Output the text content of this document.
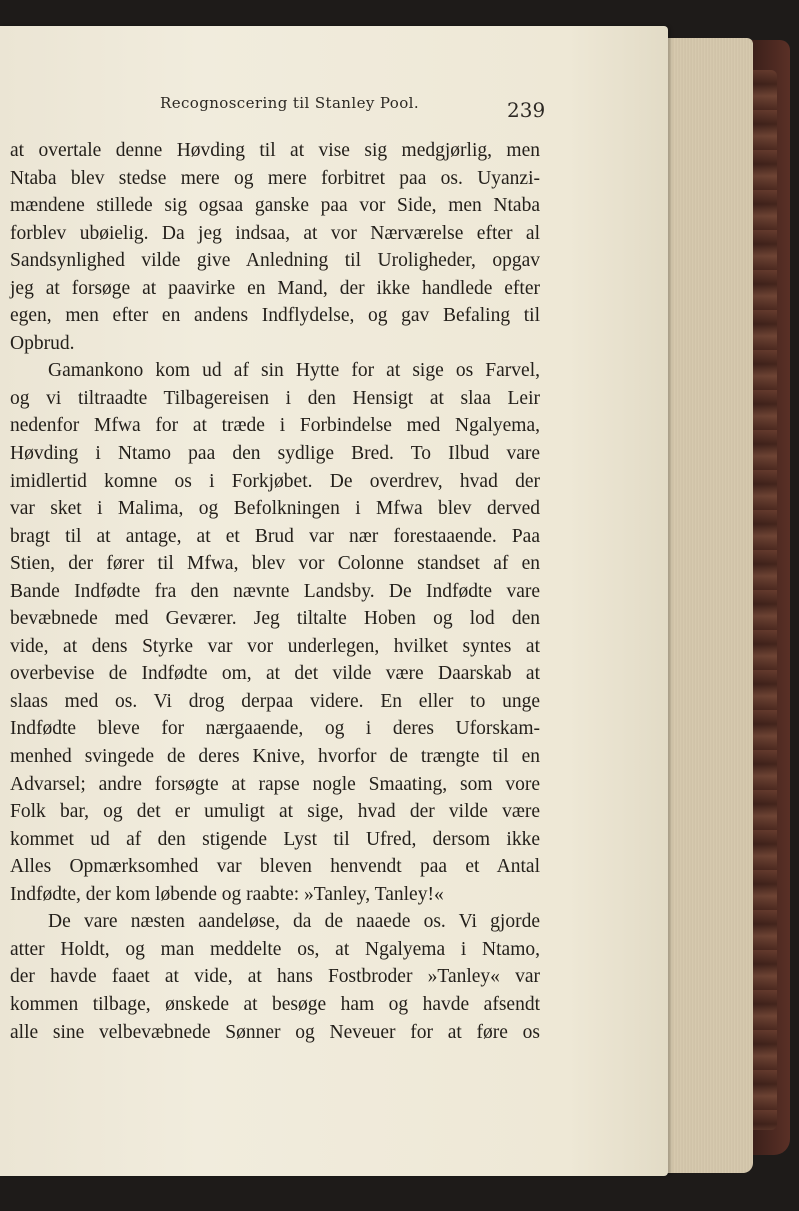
Recognoscering til Stanley Pool.	239
at overtale denne Høvding til at vise sig medgjørlig, men
Ntaba blev stedse mere og mere forbitret paa os. Uyanzi-
mændene stillede sig ogsaa ganske paa vor Side, men Ntaba
forblev ubøielig. Da jeg indsaa, at vor Nærværelse efter al
Sandsynlighed vilde give Anledning til Uroligheder, opgav
jeg at forsøge at paavirke en Mand, der ikke handlede efter
egen, men efter en andens Indflydelse, og gav Befaling til
Opbrud.
Gamankono kom ud af sin Hytte for at sige os Farvel,
og vi tiltraadte Tilbagereisen i den Hensigt at slaa Leir
nedenfor Mfwa for at træde i Forbindelse med Ngalyema,
Høvding i Ntamo paa den sydlige Bred. To Ilbud vare
imidlertid komne os i Forkjøbet. De overdrev, hvad der
var sket i Malima, og Befolkningen i Mfwa blev derved
bragt til at antage, at et Brud var nær forestaaende. Paa
Stien, der fører til Mfwa, blev vor Colonne standset af en
Bande Indfødte fra den nævnte Landsby. De Indfødte vare
bevæbnede med Geværer. Jeg tiltalte Hoben og lod den
vide, at dens Styrke var vor underlegen, hvilket syntes at
overbevise de Indfødte om, at det vilde være Daarskab at
slaas med os. Vi drog derpaa videre. En eller to unge
Indfødte bleve for nærgaaende, og i deres Uforskam-
menhed svingede de deres Knive, hvorfor de trængte til en
Advarsel; andre forsøgte at rapse nogle Smaating, som vore
Folk bar, og det er umuligt at sige, hvad der vilde være
kommet ud af den stigende Lyst til Ufred, dersom ikke
Alles Opmærksomhed var bleven henvendt paa et Antal
Indfødte, der kom løbende og raabte: »Tanley, Tanley!«
De vare næsten aandeløse, da de naaede os. Vi gjorde
atter Holdt, og man meddelte os, at Ngalyema i Ntamo,
der havde faaet at vide, at hans Fostbroder »Tanley« var
kommen tilbage, ønskede at besøge ham og havde afsendt
alle sine velbevæbnede Sønner og Neveuer for at føre os
